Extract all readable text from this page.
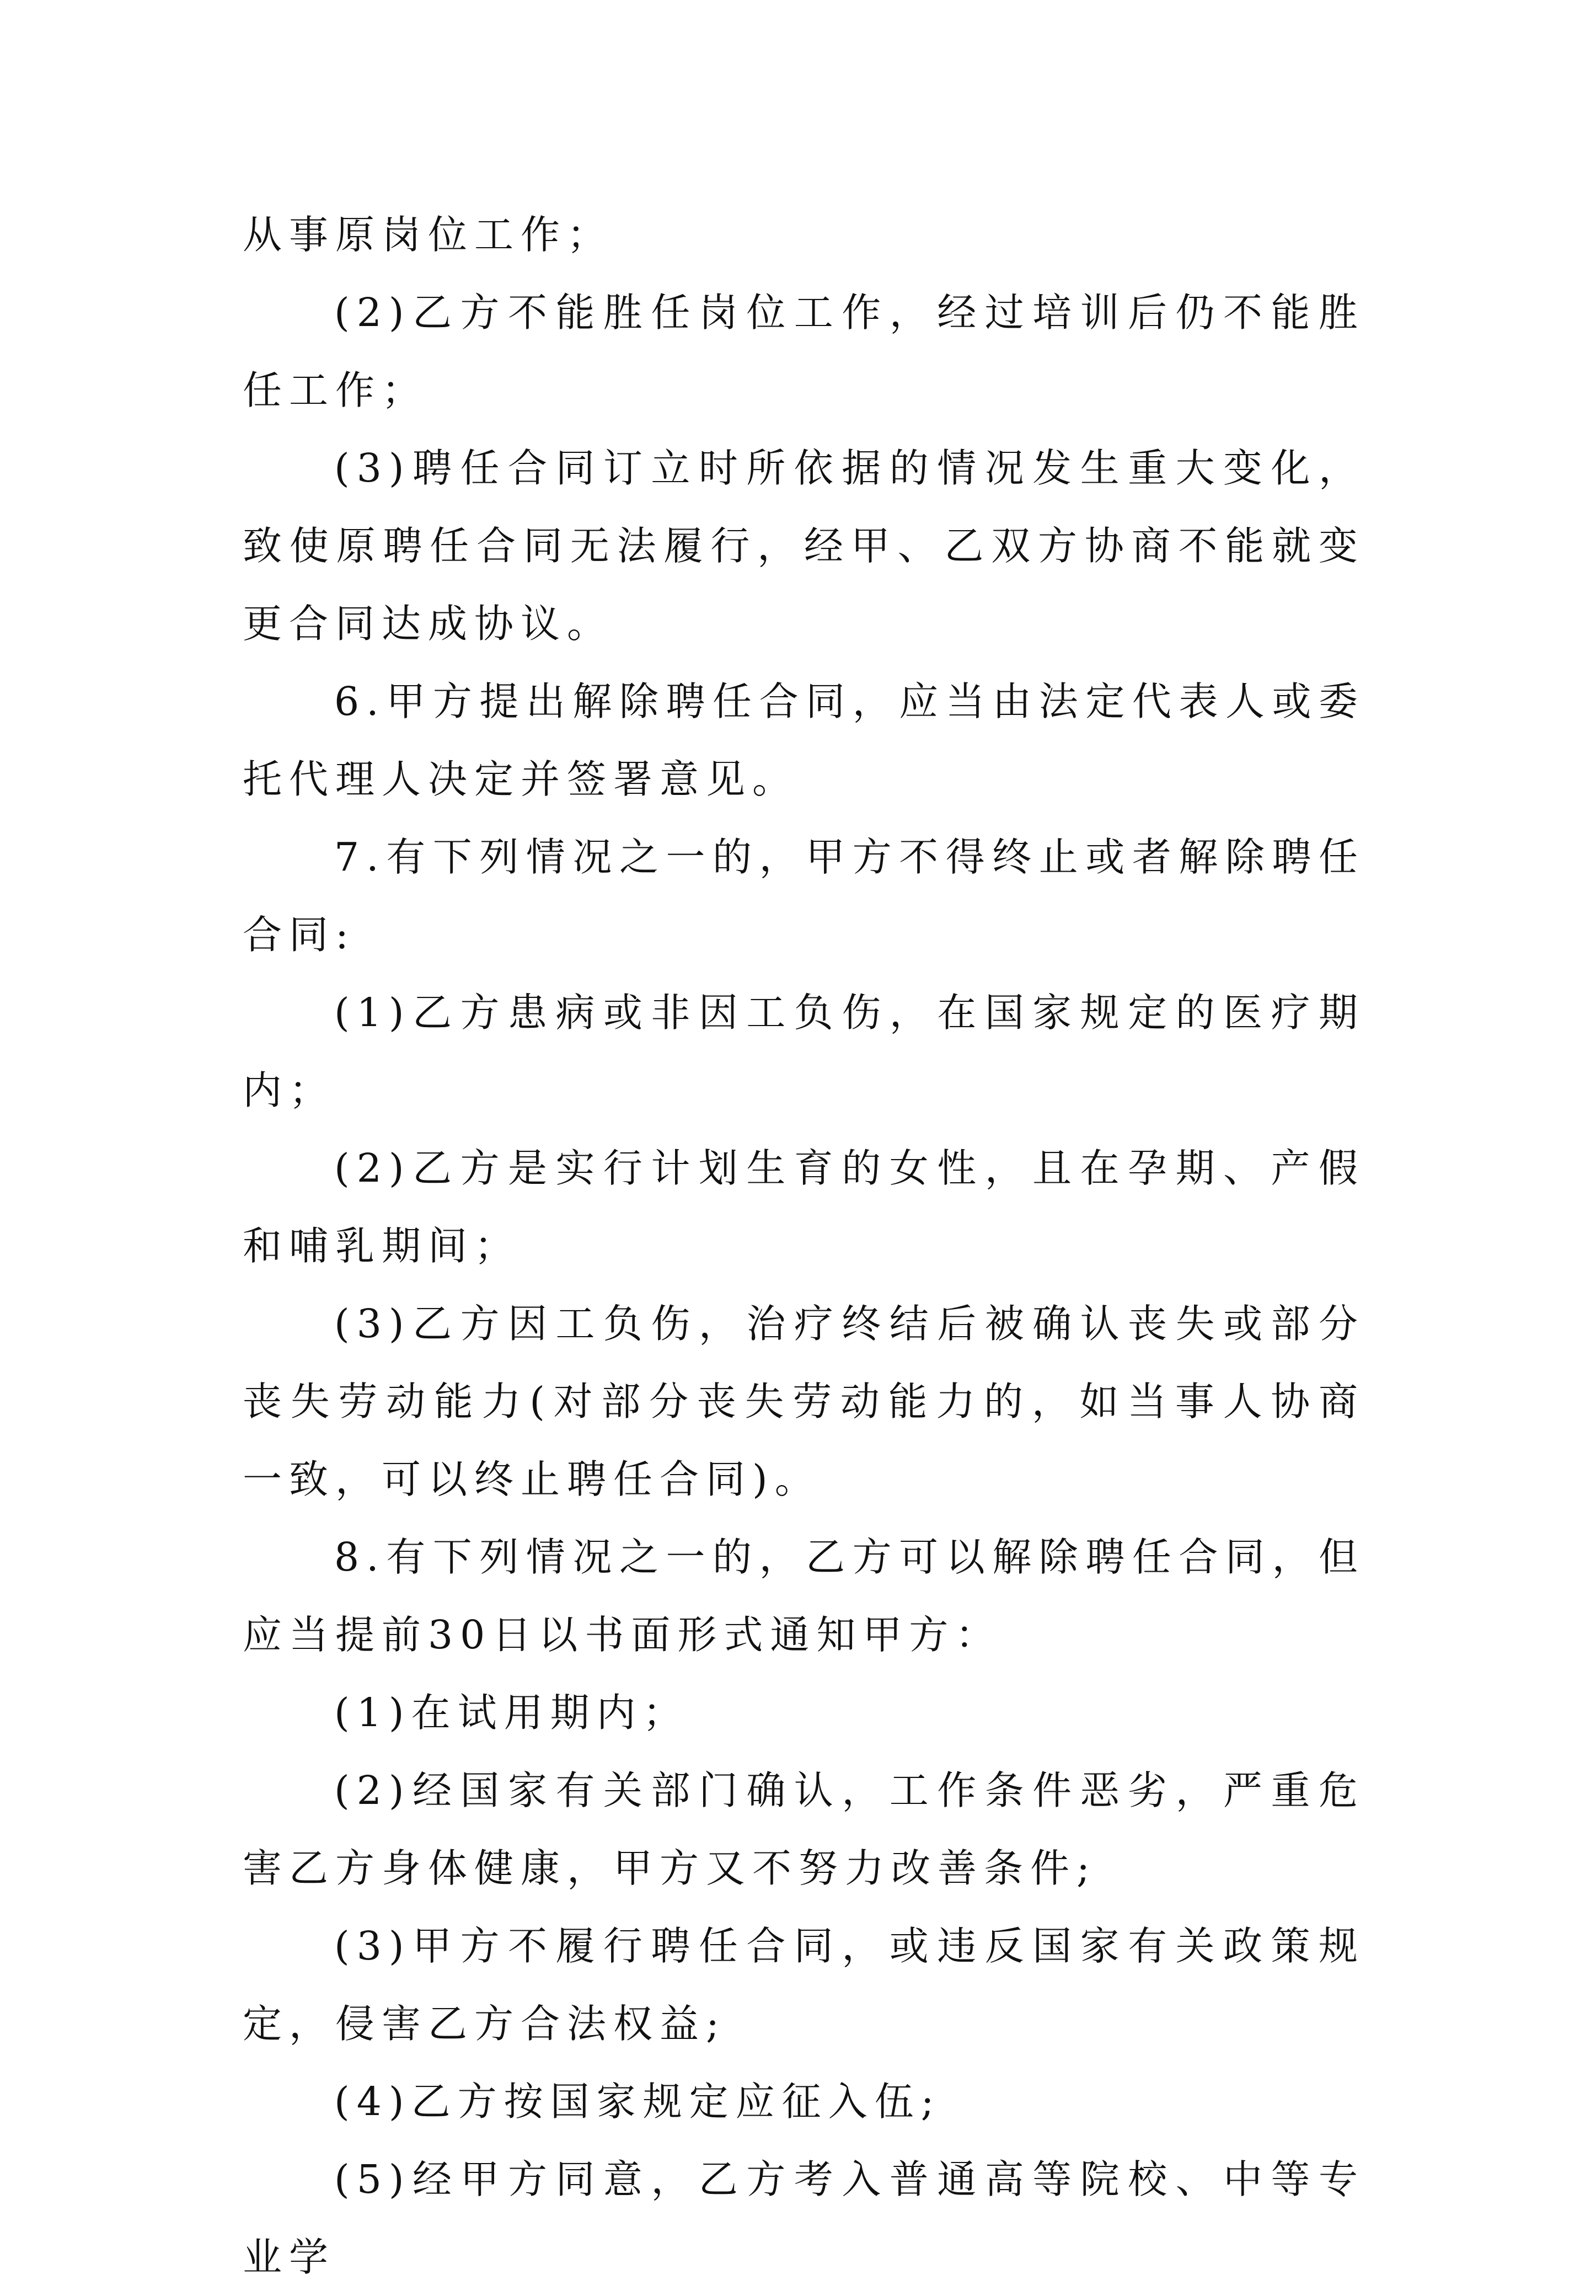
从事原岗位工作；

(2)乙方不能胜任岗位工作，经过培训后仍不能胜任工作；

(3)聘任合同订立时所依据的情况发生重大变化，致使原聘任合同无法履行，经甲、乙双方协商不能就变更合同达成协议。

6.甲方提出解除聘任合同，应当由法定代表人或委托代理人决定并签署意见。

7.有下列情况之一的，甲方不得终止或者解除聘任合同:

(1)乙方患病或非因工负伤，在国家规定的医疗期内；

(2)乙方是实行计划生育的女性，且在孕期、产假和哺乳期间；

(3)乙方因工负伤，治疗终结后被确认丧失或部分丧失劳动能力(对部分丧失劳动能力的，如当事人协商一致，可以终止聘任合同)。

8.有下列情况之一的，乙方可以解除聘任合同，但应当提前30日以书面形式通知甲方：

(1)在试用期内；

(2)经国家有关部门确认，工作条件恶劣，严重危害乙方身体健康，甲方又不努力改善条件;

(3)甲方不履行聘任合同，或违反国家有关政策规定，侵害乙方合法权益;

(4)乙方按国家规定应征入伍;

(5)经甲方同意，乙方考入普通高等院校、中等专业学
